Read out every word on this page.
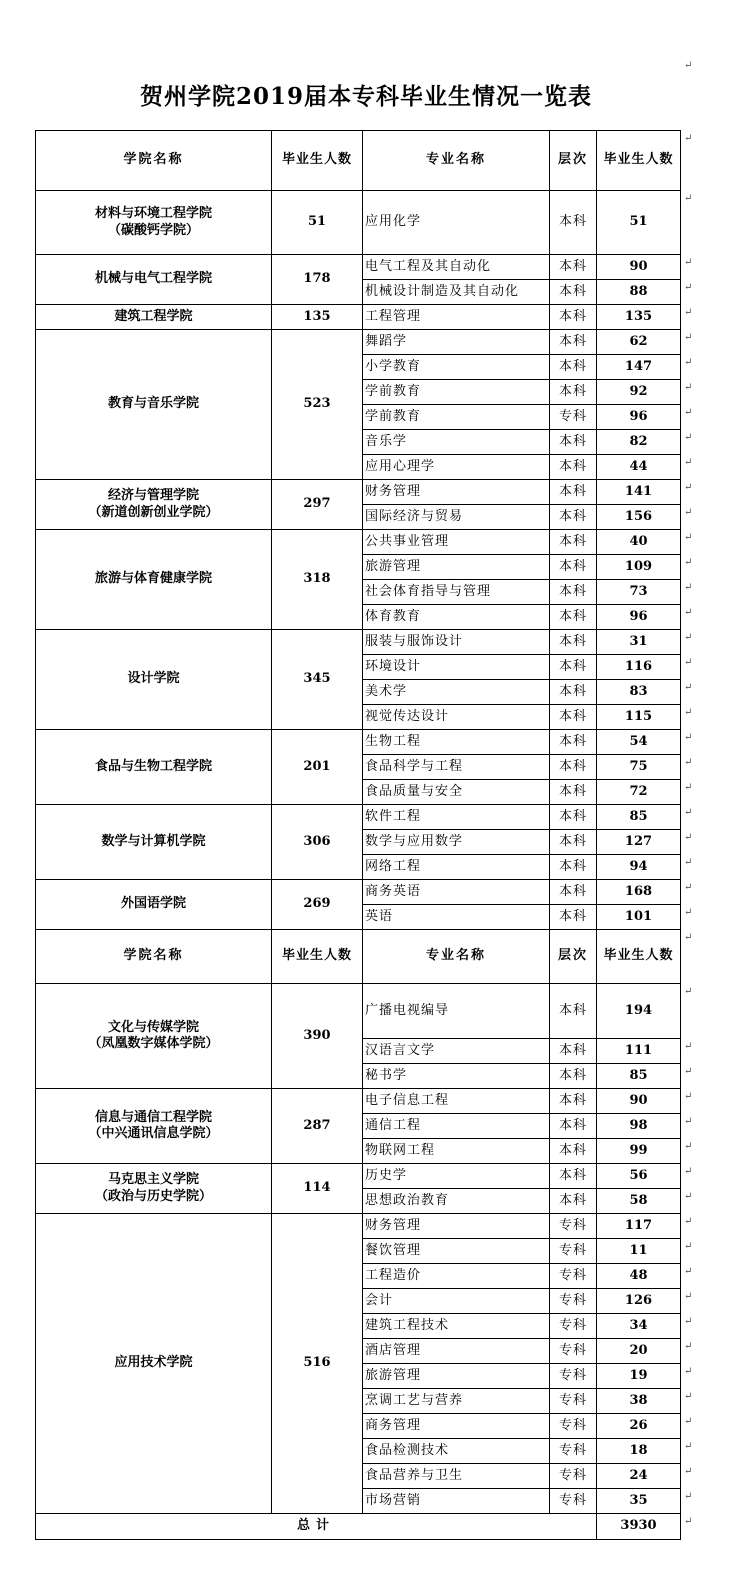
贺州学院2019届本专科毕业生情况一览表
学院名称	毕业生人数	专业名称	层次	毕业生人数

材料与环境工程学院
（碳酸钙学院）	51	应用化学	本科	51

机械与电气工程学院	178	电气工程及其自动化	本科	90
		机械设计制造及其自动化	本科	88

建筑工程学院	135	工程管理	本科	135

教育与音乐学院	523	舞蹈学	本科	62
		小学教育	本科	147
		学前教育	本科	92
		学前教育	专科	96
		音乐学	本科	82
		应用心理学	本科	44

经济与管理学院
（新道创新创业学院）	297	财务管理	本科	141
		国际经济与贸易	本科	156

旅游与体育健康学院	318	公共事业管理	本科	40
		旅游管理	本科	109
		社会体育指导与管理	本科	73
		体育教育	本科	96

设计学院	345	服装与服饰设计	本科	31
		环境设计	本科	116
		美术学	本科	83
		视觉传达设计	本科	115

食品与生物工程学院	201	生物工程	本科	54
		食品科学与工程	本科	75
		食品质量与安全	本科	72

数学与计算机学院	306	软件工程	本科	85
		数学与应用数学	本科	127
		网络工程	本科	94

外国语学院	269	商务英语	本科	168
		英语	本科	101
学院名称	毕业生人数	专业名称	层次	毕业生人数

文化与传媒学院
（凤凰数字媒体学院）	390	广播电视编导	本科	194
		汉语言文学	本科	111
		秘书学	本科	85

信息与通信工程学院
（中兴通讯信息学院）	287	电子信息工程	本科	90
		通信工程	本科	98
		物联网工程	本科	99

马克思主义学院
（政治与历史学院）	114	历史学	本科	56
		思想政治教育	本科	58

应用技术学院	516	财务管理	专科	117
		餐饮管理	专科	11
		工程造价	专科	48
		会计	专科	126
		建筑工程技术	专科	34
		酒店管理	专科	20
		旅游管理	专科	19
		烹调工艺与营养	专科	38
		商务管理	专科	26
		食品检测技术	专科	18
		食品营养与卫生	专科	24
		市场营销	专科	35
总计				3930
↵
↵
↵
↵
↵
↵
↵
↵
↵
↵
↵
↵
↵
↵
↵
↵
↵
↵
↵
↵
↵
↵
↵
↵
↵
↵
↵
↵
↵
↵
↵
↵
↵
↵
↵
↵
↵
↵
↵
↵
↵
↵
↵
↵
↵
↵
↵
↵
↵
↵
↵
↵
